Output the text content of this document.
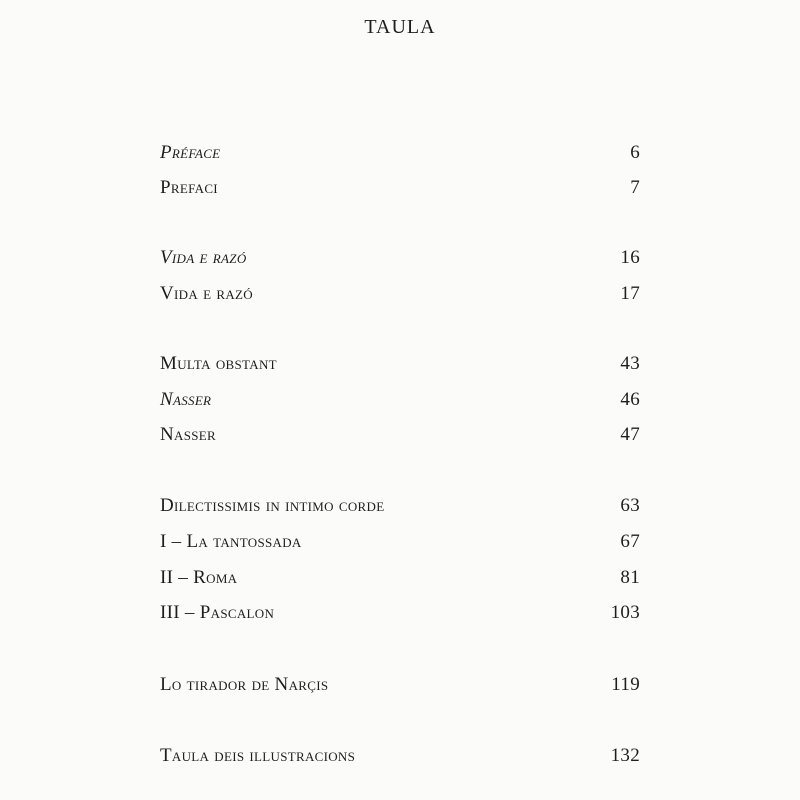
TAULA
Préface	6
Prefaci	7
Vida e razó	16
Vida e razó	17
Multa obstant	43
Nasser	46
Nasser	47
Dilectissimis in intimo corde	63
I – La tantossada	67
II – Roma	81
III – Pascalon	103
Lo tirador de Narçis	119
Taula deis illustracions	132
